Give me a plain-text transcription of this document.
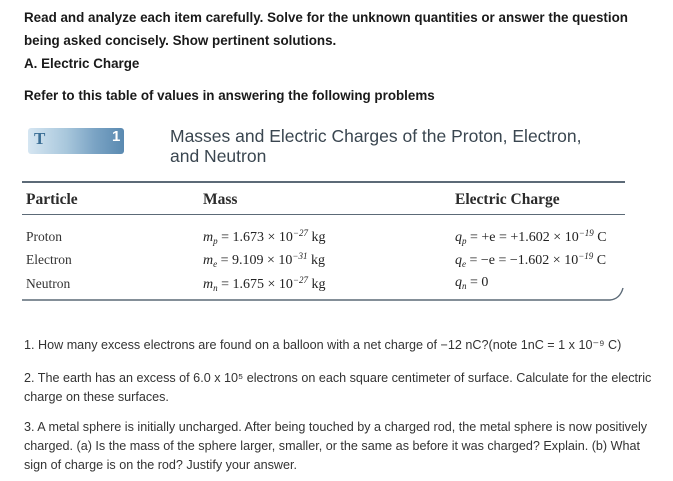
Read and analyze each item carefully. Solve for the unknown quantities or answer the question being asked concisely. Show pertinent solutions.
A. Electric Charge
Refer to this table of values in answering the following problems
T	1	Masses and Electric Charges of the Proton, Electron, and Neutron
Particle	Mass	Electric Charge
Proton	$m_p = 1.673 \times 10^{-27}$ kg	$q_p = +e = +1.602 \times 10^{-19}$ C
Electron	$m_e = 9.109 \times 10^{-31}$ kg	$q_e = -e = -1.602 \times 10^{-19}$ C
Neutron	$m_n = 1.675 \times 10^{-27}$ kg	$q_n = 0$
1. How many excess electrons are found on a balloon with a net charge of −12 nC?(note 1nC = 1 x 10⁻⁹ C)
2. The earth has an excess of 6.0 x 10⁵ electrons on each square centimeter of surface. Calculate for the electric charge on these surfaces.
3. A metal sphere is initially uncharged. After being touched by a charged rod, the metal sphere is now positively charged. (a) Is the mass of the sphere larger, smaller, or the same as before it was charged? Explain. (b) What sign of charge is on the rod? Justify your answer.
